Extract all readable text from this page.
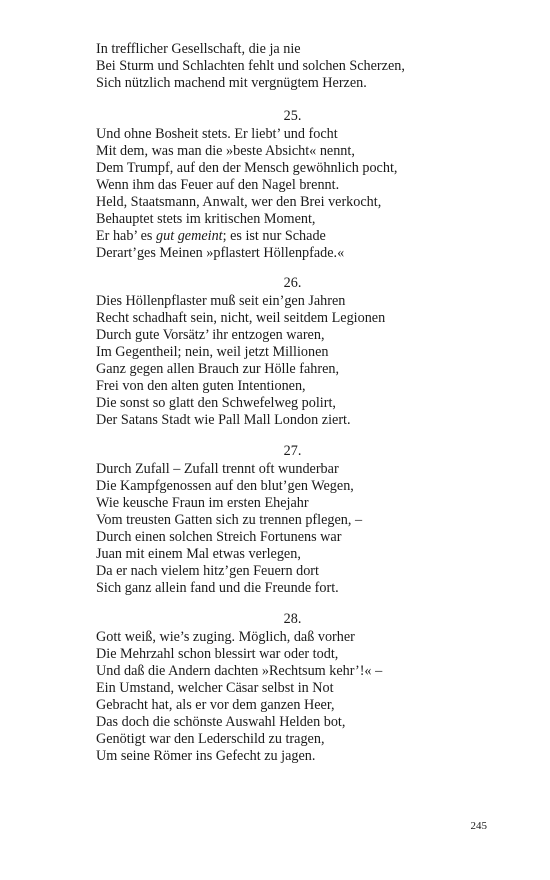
In trefflicher Gesellschaft, die ja nie
Bei Sturm und Schlachten fehlt und solchen Scherzen,
Sich nützlich machend mit vergnügtem Herzen.
25.
Und ohne Bosheit stets. Er liebt’ und focht
Mit dem, was man die »beste Absicht« nennt,
Dem Trumpf, auf den der Mensch gewöhnlich pocht,
Wenn ihm das Feuer auf den Nagel brennt.
Held, Staatsmann, Anwalt, wer den Brei verkocht,
Behauptet stets im kritischen Moment,
Er hab’ es gut gemeint; es ist nur Schade
Derart’ges Meinen »pflastert Höllenpfade.«
26.
Dies Höllenpflaster muß seit ein’gen Jahren
Recht schadhaft sein, nicht, weil seitdem Legionen
Durch gute Vorsätz’ ihr entzogen waren,
Im Gegentheil; nein, weil jetzt Millionen
Ganz gegen allen Brauch zur Hölle fahren,
Frei von den alten guten Intentionen,
Die sonst so glatt den Schwefelweg polirt,
Der Satans Stadt wie Pall Mall London ziert.
27.
Durch Zufall – Zufall trennt oft wunderbar
Die Kampfgenossen auf den blut’gen Wegen,
Wie keusche Fraun im ersten Ehejahr
Vom treusten Gatten sich zu trennen pflegen, –
Durch einen solchen Streich Fortunens war
Juan mit einem Mal etwas verlegen,
Da er nach vielem hitz’gen Feuern dort
Sich ganz allein fand und die Freunde fort.
28.
Gott weiß, wie’s zuging. Möglich, daß vorher
Die Mehrzahl schon blessirt war oder todt,
Und daß die Andern dachten »Rechtsum kehr’!« –
Ein Umstand, welcher Cäsar selbst in Not
Gebracht hat, als er vor dem ganzen Heer,
Das doch die schönste Auswahl Helden bot,
Genötigt war den Lederschild zu tragen,
Um seine Römer ins Gefecht zu jagen.
245
